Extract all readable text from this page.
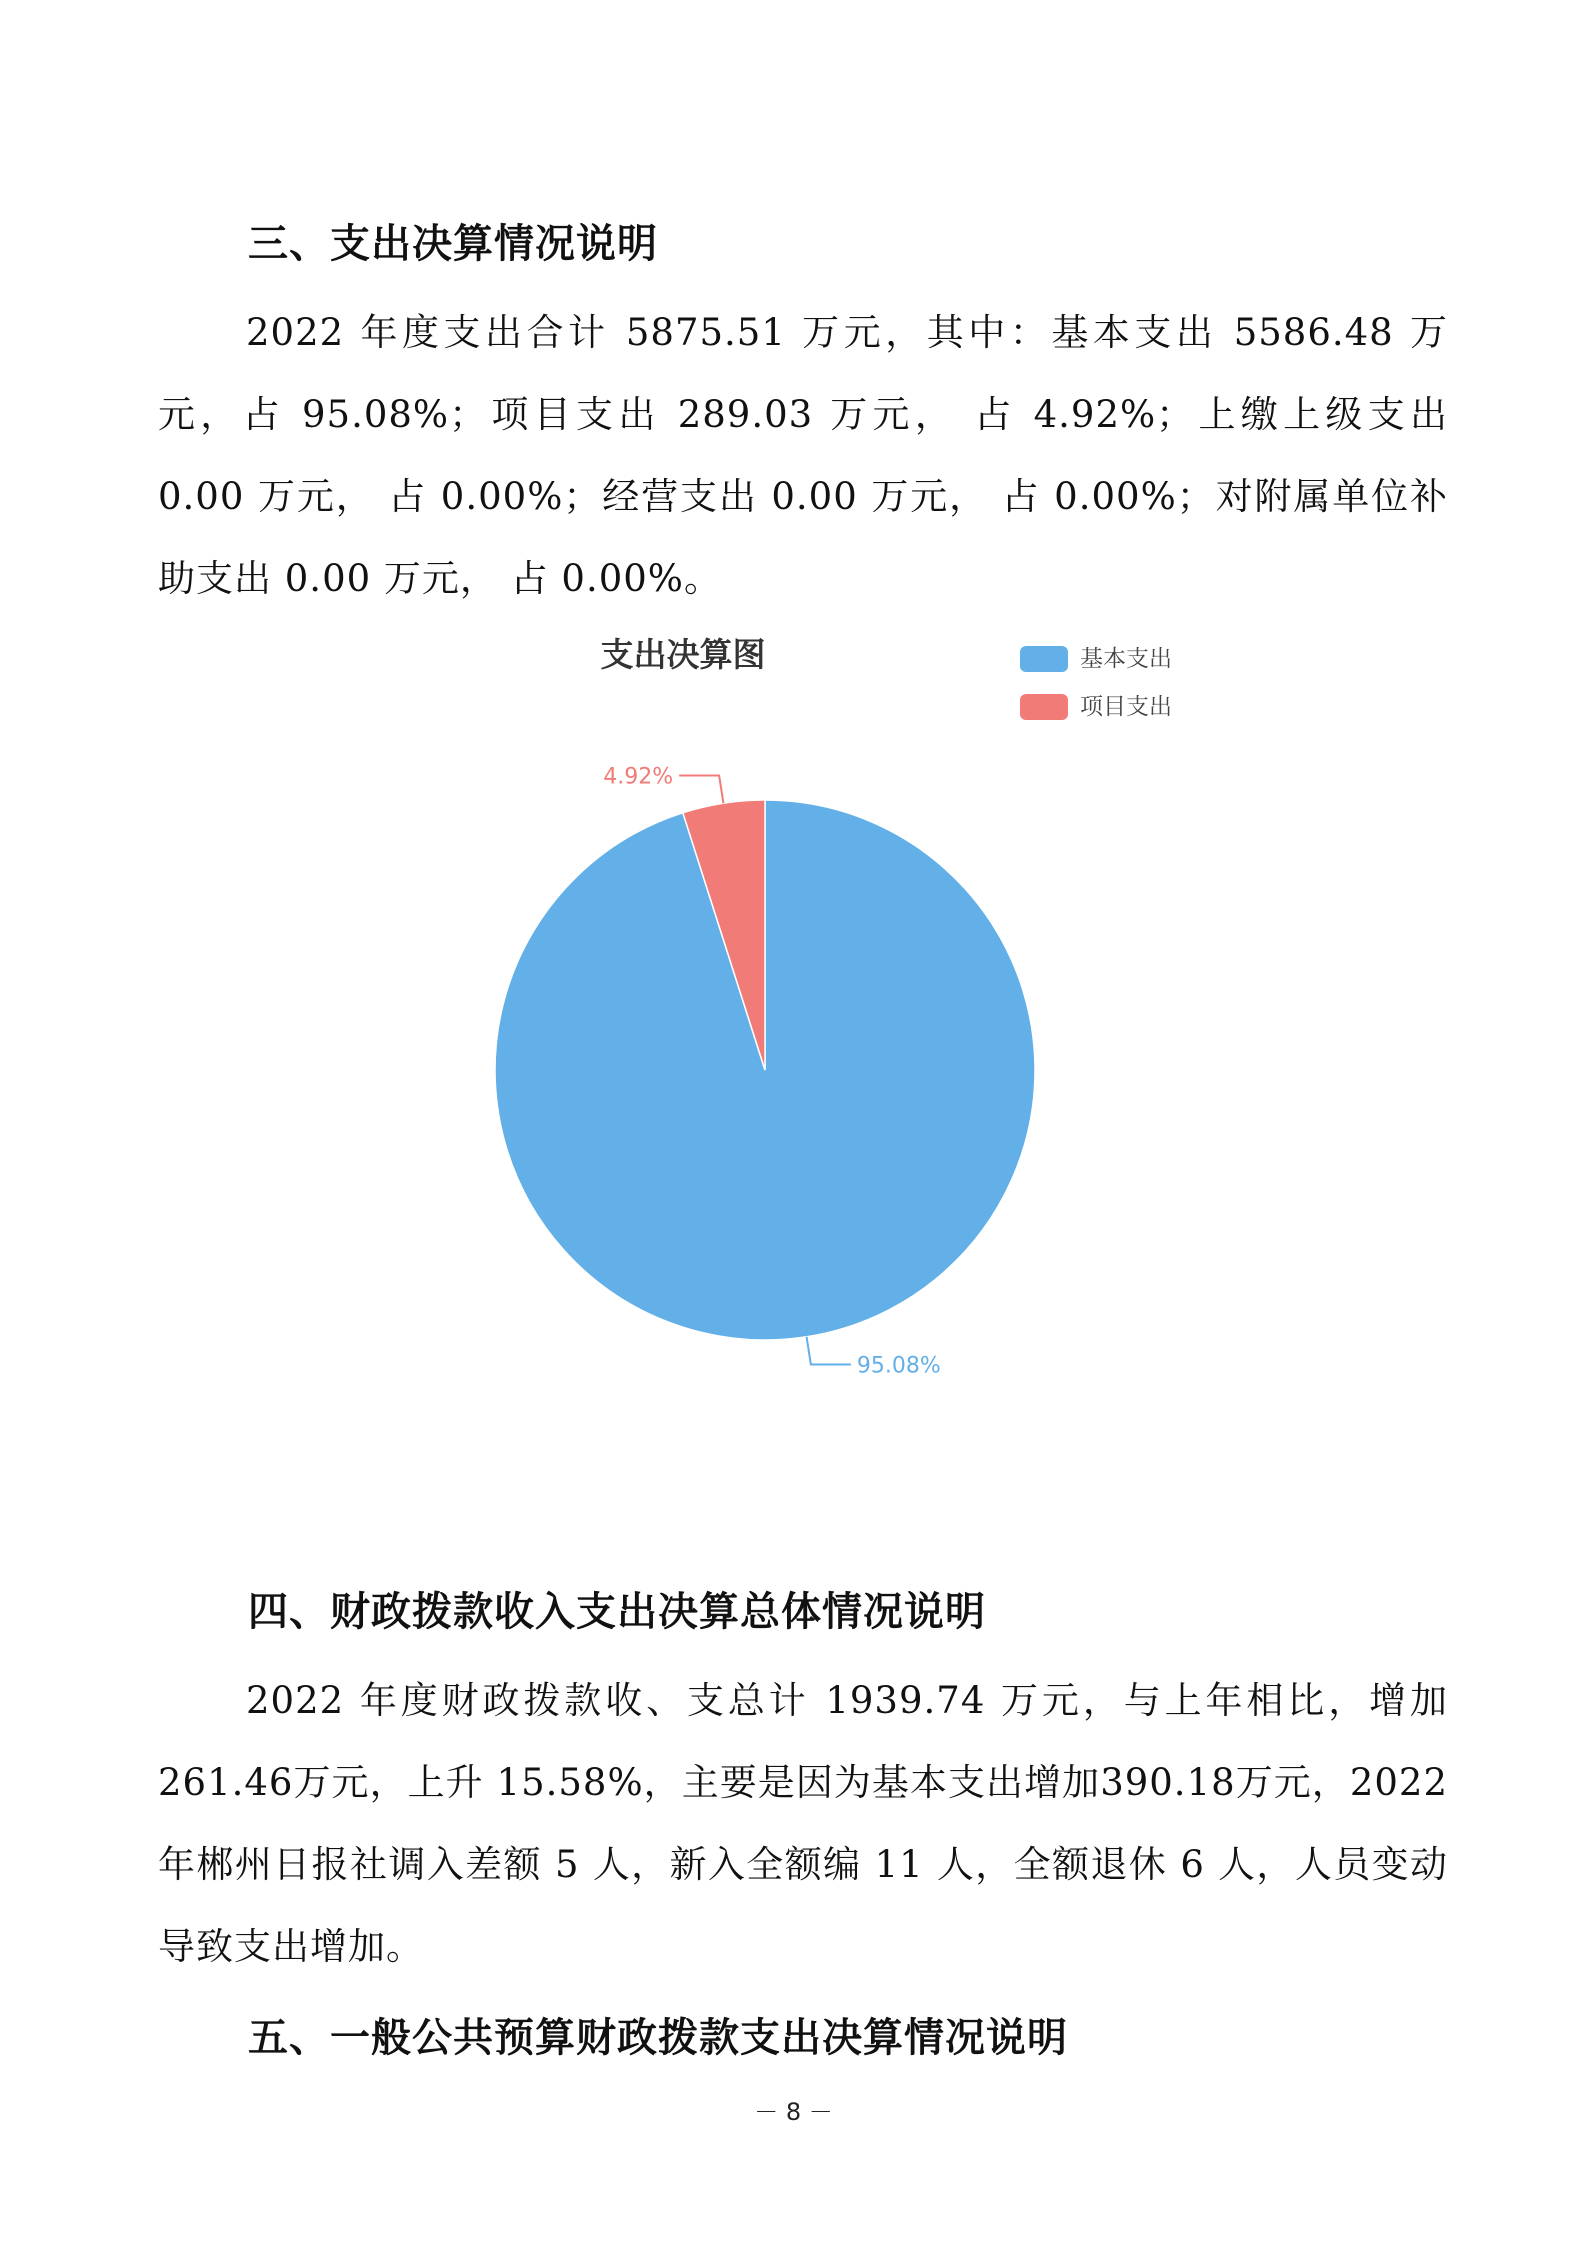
三、支出决算情况说明

2022 年度支出合计 5875.51 万元，其中：基本支出 5586.48 万元，占 95.08%；项目支出 289.03 万元， 占 4.92%；上缴上级支出 0.00 万元， 占 0.00%；经营支出 0.00 万元， 占 0.00%；对附属单位补助支出 0.00 万元， 占 0.00%。

支出决算图	基本支出
项目支出
95.08%
4.92%
四、财政拨款收入支出决算总体情况说明

2022 年度财政拨款收、支总计 1939.74 万元，与上年相比，增加 261.46万元，上升 15.58%，主要是因为基本支出增加390.18万元，2022 年郴州日报社调入差额 5 人，新入全额编 11 人，全额退休 6 人，人员变动导致支出增加。

五、一般公共预算财政拨款支出决算情况说明
－ 8 －
